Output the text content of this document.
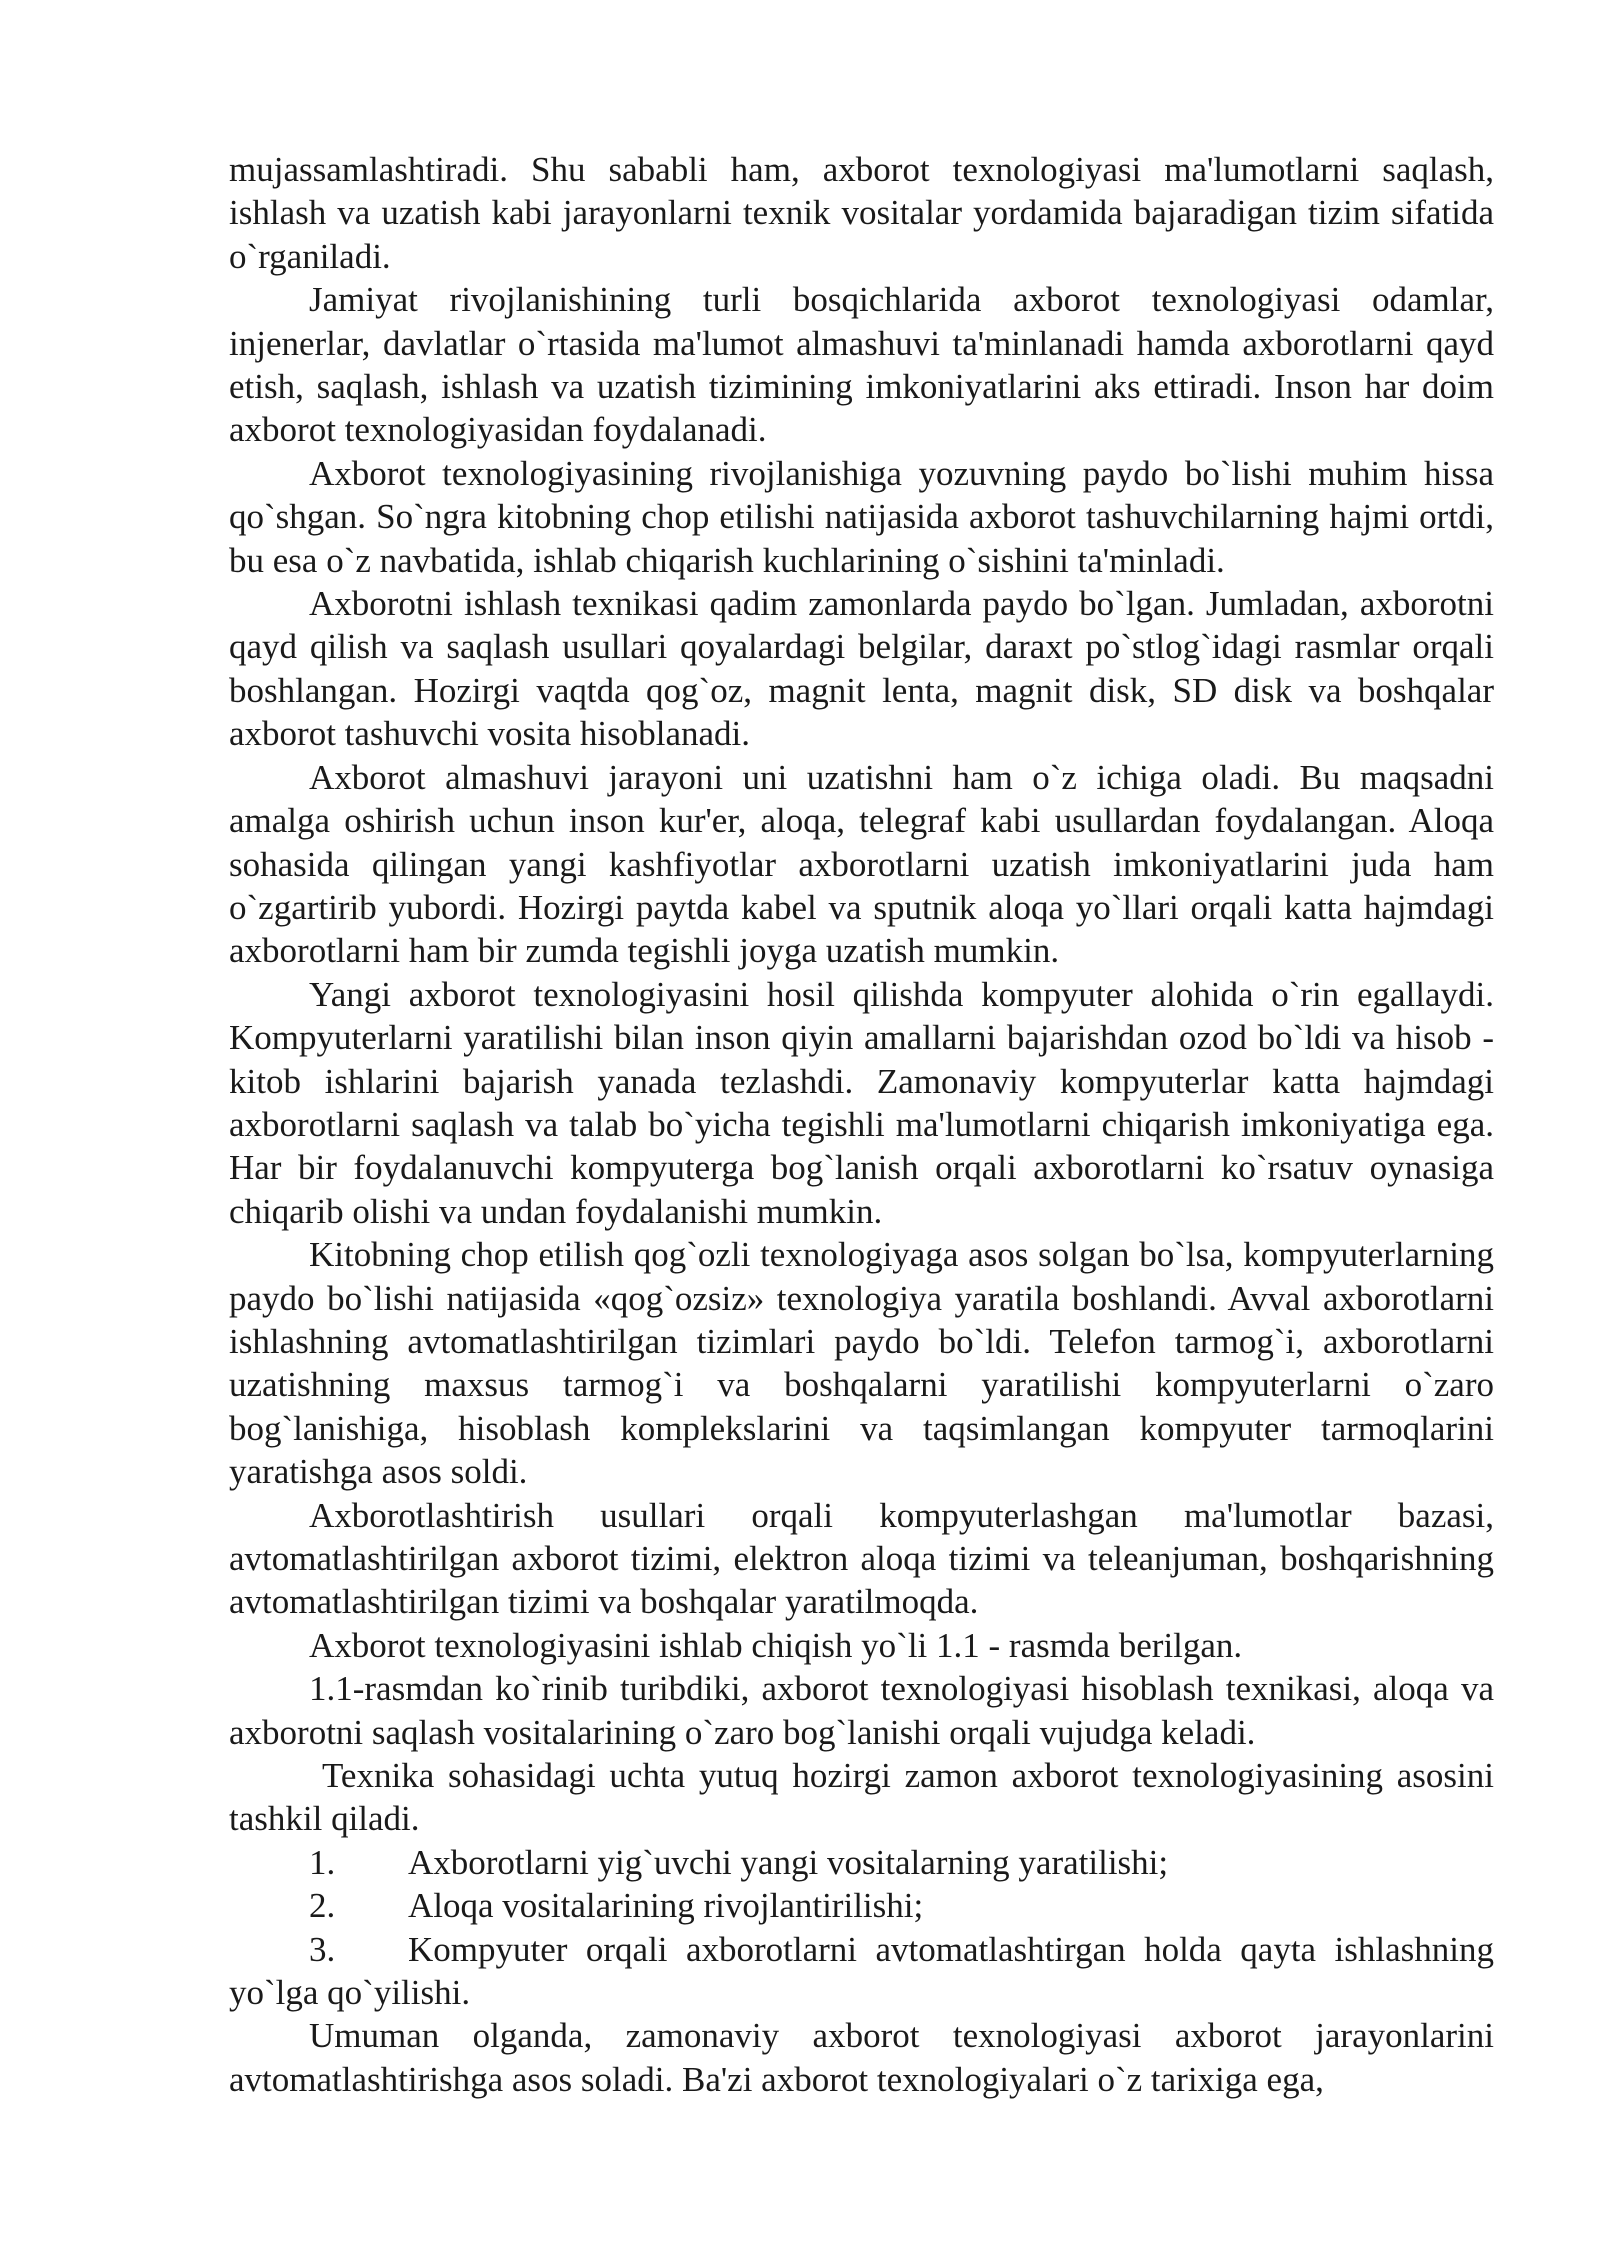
mujassamlashtiradi. Shu sababli ham, axborot texnologiyasi ma'lumotlarni saqlash, ishlash va uzatish kabi jarayonlarni texnik vositalar yordamida bajaradigan tizim sifatida o`rganiladi.

Jamiyat rivojlanishining turli bosqichlarida axborot texnologiyasi odamlar, injenerlar, davlatlar o`rtasida ma'lumot almashuvi ta'minlanadi hamda axborotlarni qayd etish, saqlash, ishlash va uzatish tizimining imkoniyatlarini aks ettiradi. Inson har doim axborot texnologiyasidan foydalanadi.

Axborot texnologiyasining rivojlanishiga yozuvning paydo bo`lishi muhim hissa qo`shgan. So`ngra kitobning chop etilishi natijasida axborot tashuvchilarning hajmi ortdi, bu esa o`z navbatida, ishlab chiqarish kuchlarining o`sishini ta'minladi.

Axborotni ishlash texnikasi qadim zamonlarda paydo bo`lgan. Jumladan, axborotni qayd qilish va saqlash usullari qoyalardagi belgilar, daraxt po`stlog`idagi rasmlar orqali boshlangan. Hozirgi vaqtda qog`oz, magnit lenta, magnit disk, SD disk va boshqalar axborot tashuvchi vosita hisoblanadi.

Axborot almashuvi jarayoni uni uzatishni ham o`z ichiga oladi. Bu maqsadni amalga oshirish uchun inson kur'er, aloqa, telegraf kabi usullardan foydalangan. Aloqa sohasida qilingan yangi kashfiyotlar axborotlarni uzatish imkoniyatlarini juda ham o`zgartirib yubordi. Hozirgi paytda kabel va sputnik aloqa yo`llari orqali katta hajmdagi axborotlarni ham bir zumda tegishli joyga uzatish mumkin.

Yangi axborot texnologiyasini hosil qilishda kompyuter alohida o`rin egallaydi. Kompyuterlarni yaratilishi bilan inson qiyin amallarni bajarishdan ozod bo`ldi va hisob - kitob ishlarini bajarish yanada tezlashdi. Zamonaviy kompyuterlar katta hajmdagi axborotlarni saqlash va talab bo`yicha tegishli ma'lumotlarni chiqarish imkoniyatiga ega. Har bir foydalanuvchi kompyuterga bog`lanish orqali axborotlarni ko`rsatuv oynasiga chiqarib olishi va undan foydalanishi mumkin.

Kitobning chop etilish qog`ozli texnologiyaga asos solgan bo`lsa, kompyuterlarning paydo bo`lishi natijasida «qog`ozsiz» texnologiya yaratila boshlandi. Avval axborotlarni ishlashning avtomatlashtirilgan tizimlari paydo bo`ldi. Telefon tarmog`i, axborotlarni uzatishning maxsus tarmog`i va boshqalarni yaratilishi kompyuterlarni o`zaro bog`lanishiga, hisoblash komplekslarini va taqsimlangan kompyuter tarmoqlarini yaratishga asos soldi.

Axborotlashtirish usullari orqali kompyuterlashgan ma'lumotlar bazasi, avtomatlashtirilgan axborot tizimi, elektron aloqa tizimi va teleanjuman, boshqarishning avtomatlashtirilgan tizimi va boshqalar yaratilmoqda.

Axborot texnologiyasini ishlab chiqish yo`li 1.1 - rasmda berilgan.

1.1-rasmdan ko`rinib turibdiki, axborot texnologiyasi hisoblash texnikasi, aloqa va axborotni saqlash vositalarining o`zaro bog`lanishi orqali vujudga keladi.

Texnika sohasidagi uchta yutuq hozirgi zamon axborot texnologiyasining asosini tashkil qiladi.

1. Axborotlarni yig`uvchi yangi vositalarning yaratilishi;

2. Aloqa vositalarining rivojlantirilishi;

3. Kompyuter orqali axborotlarni avtomatlashtirgan holda qayta ishlashning yo`lga qo`yilishi.

Umuman olganda, zamonaviy axborot texnologiyasi axborot jarayonlarini avtomatlashtirishga asos soladi. Ba'zi axborot texnologiyalari o`z tarixiga ega,
